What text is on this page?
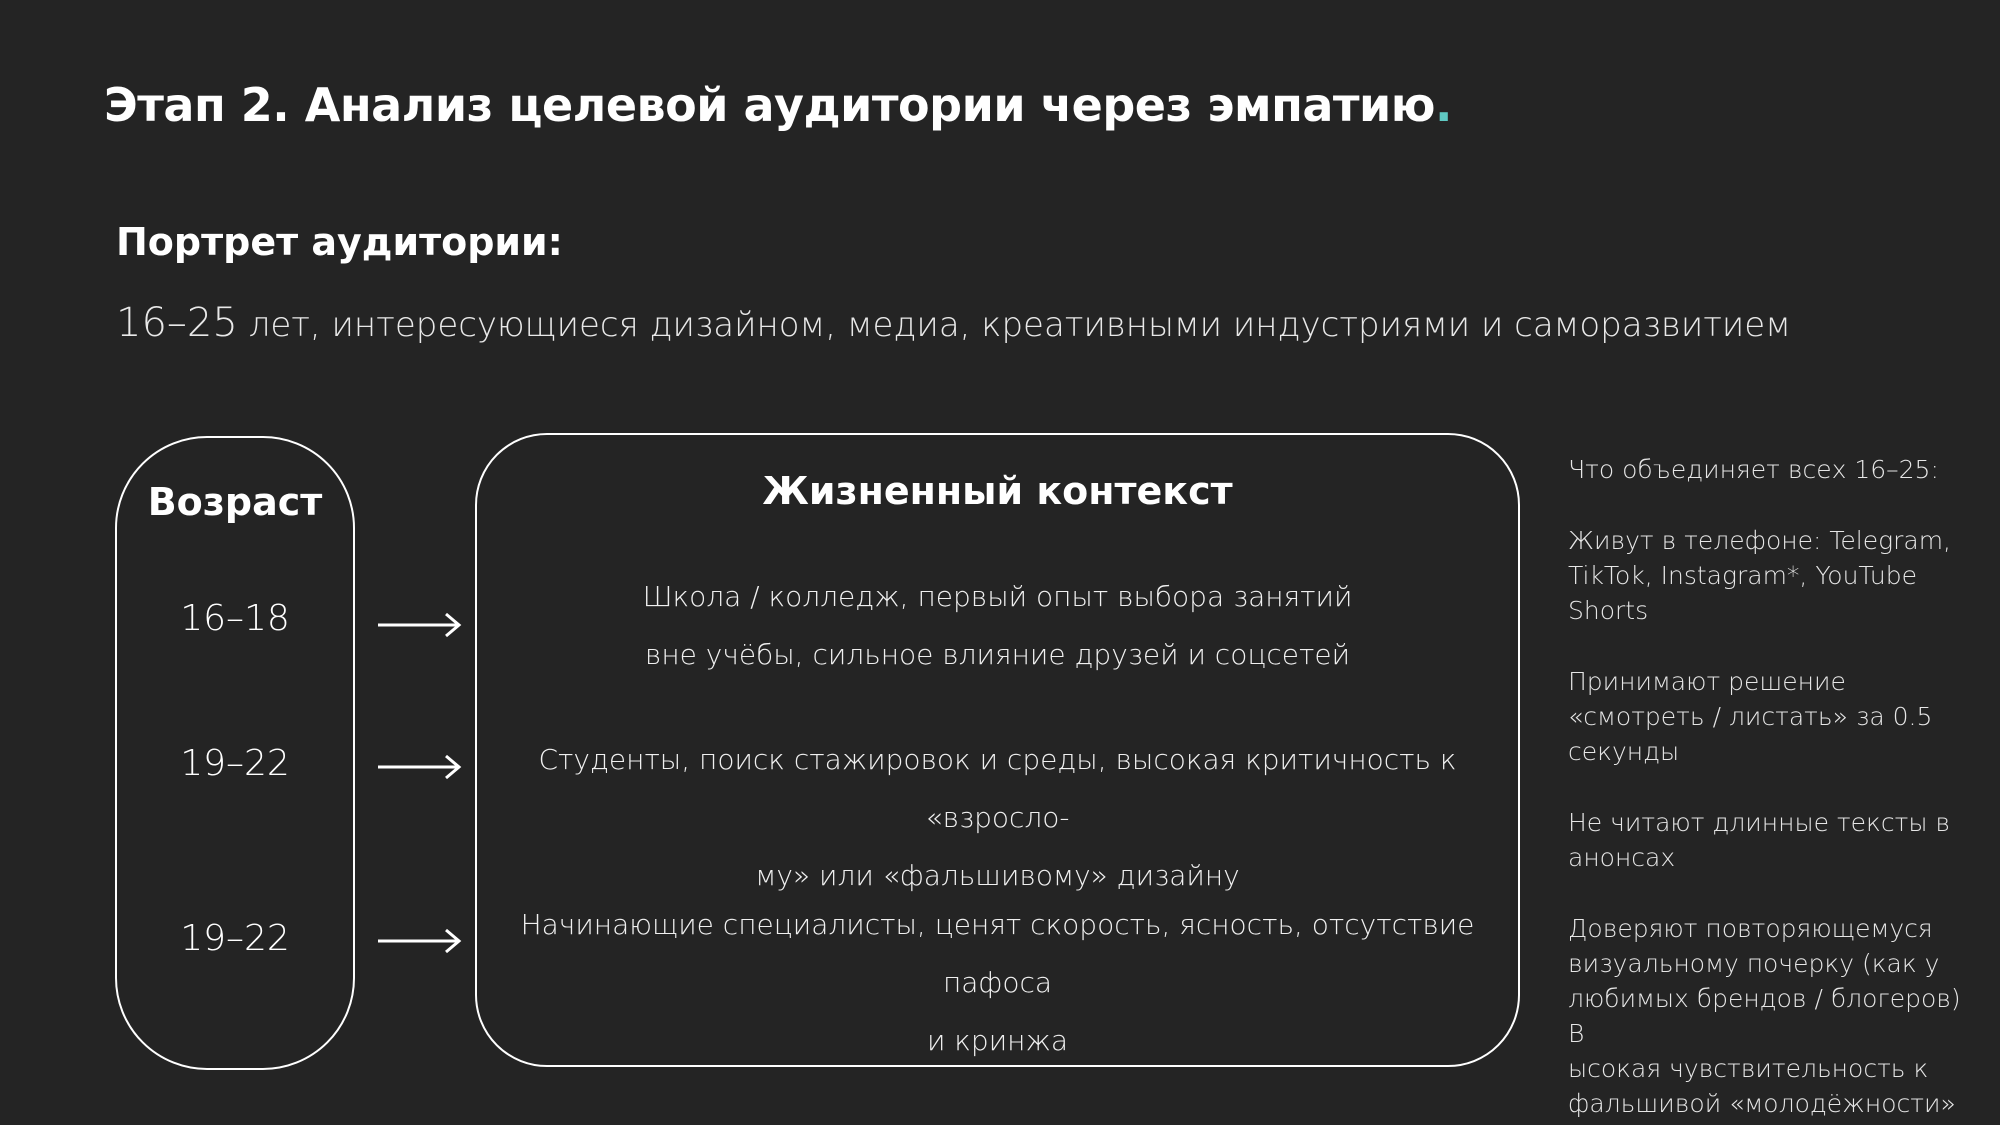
Этап 2. Анализ целевой аудитории через эмпатию.
Портрет аудитории:
16–25 лет, интересующиеся дизайном, медиа, креативными индустриями и саморазвитием
Возраст
16–18
19–22
19–22
Жизненный контекст
Школа / колледж, первый опыт выбора занятий
вне учёбы, сильное влияние друзей и соцсетей
Студенты, поиск стажировок и среды, высокая критичность к «взросло-
му» или «фальшивому» дизайну
Начинающие специалисты, ценят скорость, ясность, отсутствие пафоса
и кринжа

Что объединяет всех 16–25:

Живут в телефоне: Telegram, TikTok, Instagram*, YouTube Shorts

Принимают решение «смотреть / листать» за 0.5 секунды

Не читают длинные тексты в анонсах

Доверяют повторяющемуся визуальному почерку (как у любимых брендов / блогеров)
В
ысокая чувствительность к фальшивой «молодёжности»
